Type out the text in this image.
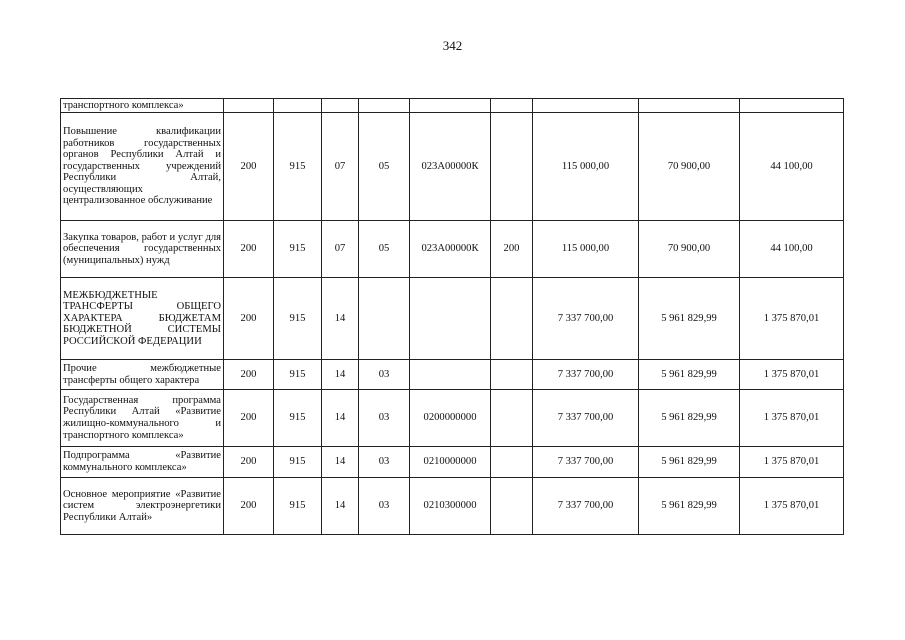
342
транспортного комплекса»									
Повышение квалификации работников государственных органов Республики Алтай и государственных учреждений Республики Алтай, осуществляющих централизованное обслуживание	200	915	07	05	023А00000К		115 000,00	70 900,00	44 100,00
Закупка товаров, работ и услуг для обеспечения государственных (муниципальных) нужд	200	915	07	05	023А00000К	200	115 000,00	70 900,00	44 100,00
МЕЖБЮДЖЕТНЫЕ ТРАНСФЕРТЫ ОБЩЕГО ХАРАКТЕРА БЮДЖЕТАМ БЮДЖЕТНОЙ СИСТЕМЫ РОССИЙСКОЙ ФЕДЕРАЦИИ	200	915	14				7 337 700,00	5 961 829,99	1 375 870,01
Прочие межбюджетные трансферты общего характера	200	915	14	03			7 337 700,00	5 961 829,99	1 375 870,01
Государственная программа Республики Алтай «Развитие жилищно-коммунального и транспортного комплекса»	200	915	14	03	0200000000		7 337 700,00	5 961 829,99	1 375 870,01
Подпрограмма «Развитие коммунального комплекса»	200	915	14	03	0210000000		7 337 700,00	5 961 829,99	1 375 870,01
Основное мероприятие «Развитие систем электроэнергетики Республики Алтай»	200	915	14	03	0210300000		7 337 700,00	5 961 829,99	1 375 870,01
